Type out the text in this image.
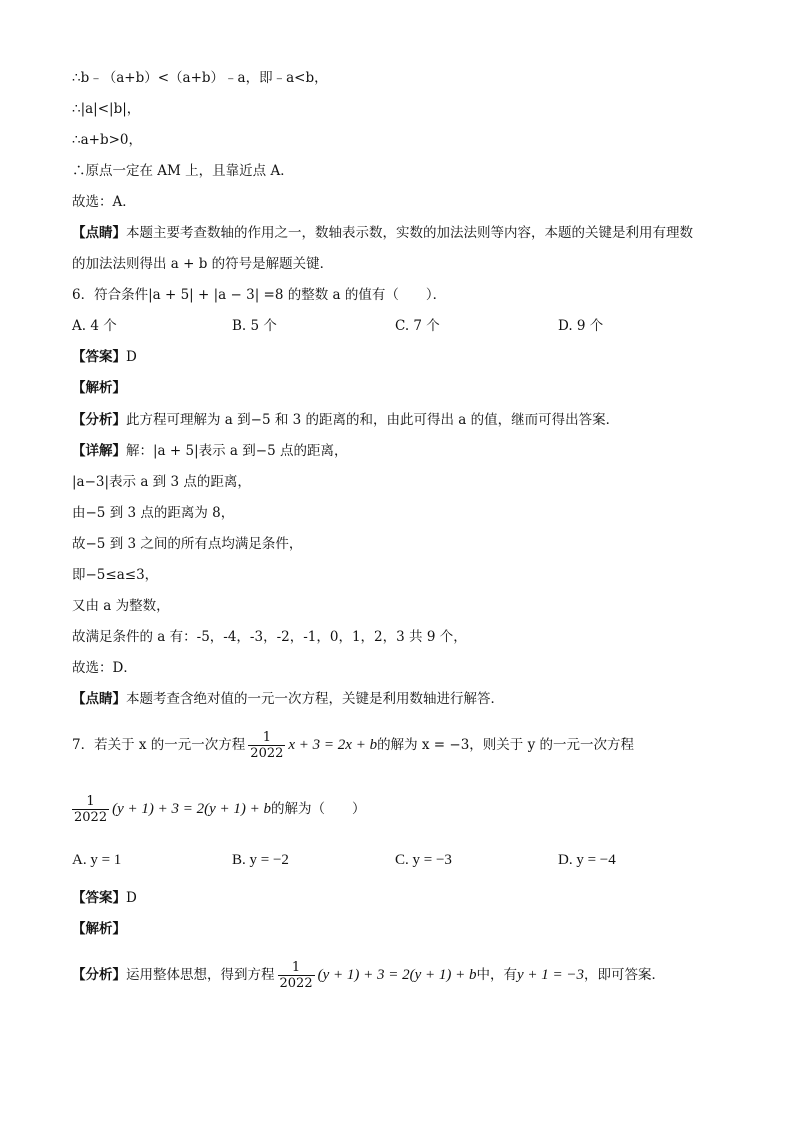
∴b﹣（a+b）<（a+b）﹣a，即﹣a<b，
∴|a|<|b|，
∴a+b>0，
∴原点一定在 AM 上，且靠近点 A．
故选：A．
【点睛】本题主要考查数轴的作用之一，数轴表示数，实数的加法法则等内容，本题的关键是利用有理数
的加法法则得出 a + b 的符号是解题关键．
6．符合条件|a + 5| + |a − 3| =8 的整数 a 的值有（　　）．
A. 4 个	B. 5 个	C. 7 个	D. 9 个
【答案】D
【解析】
【分析】此方程可理解为 a 到−5 和 3 的距离的和，由此可得出 a 的值，继而可得出答案．
【详解】解：|a + 5|表示 a 到−5 点的距离，
|a−3|表示 a 到 3 点的距离，
由−5 到 3 点的距离为 8，
故−5 到 3 之间的所有点均满足条件，
即−5≤a≤3，
又由 a 为整数，
故满足条件的 a 有：-5，-4，-3，-2，-1，0，1，2，3 共 9 个，
故选：D．
【点睛】本题考查含绝对值的一元一次方程，关键是利用数轴进行解答．
7．若关于 x 的一元一次方程 $\frac{1}{2022}$ x + 3 = 2x + b的解为 x = −3，则关于 y 的一元一次方程
$\frac{1}{2022} (y + 1) + 3 = 2(y + 1) + b$的解为（　　）
A. y = 1	B. y = −2	C. y = −3	D. y = −4
【答案】D
【解析】
【分析】运用整体思想，得到方程 $\frac{1}{2022} (y + 1) + 3 = 2(y + 1) + b$中，有y + 1 = −3，即可答案．
